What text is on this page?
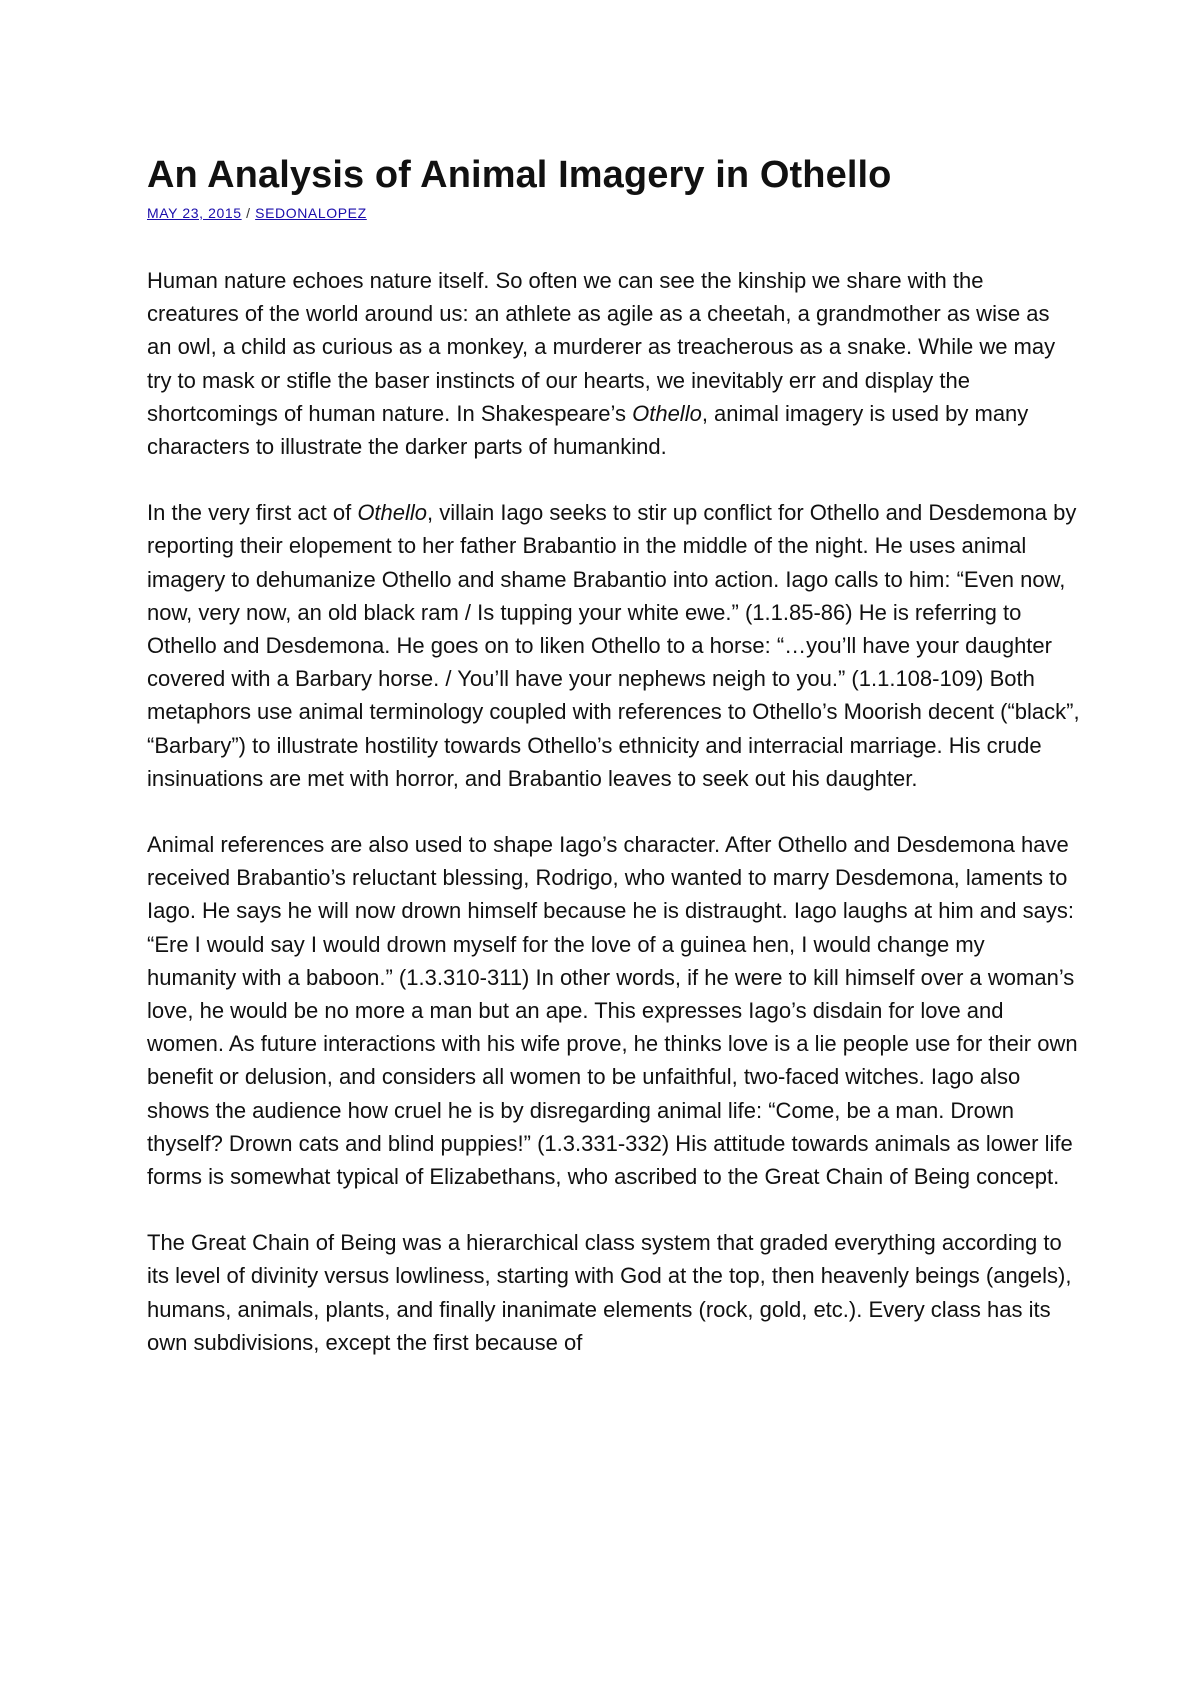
An Analysis of Animal Imagery in Othello
MAY 23, 2015 / SEDONALOPEZ

Human nature echoes nature itself. So often we can see the kinship we share with the creatures of the world around us: an athlete as agile as a cheetah, a grandmother as wise as an owl, a child as curious as a monkey, a murderer as treacherous as a snake. While we may try to mask or stifle the baser instincts of our hearts, we inevitably err and display the shortcomings of human nature. In Shakespeare’s Othello, animal imagery is used by many characters to illustrate the darker parts of humankind.

In the very first act of Othello, villain Iago seeks to stir up conflict for Othello and Desdemona by reporting their elopement to her father Brabantio in the middle of the night. He uses animal imagery to dehumanize Othello and shame Brabantio into action. Iago calls to him: “Even now, now, very now, an old black ram / Is tupping your white ewe.” (1.1.85-86) He is referring to Othello and Desdemona. He goes on to liken Othello to a horse: “…you’ll have your daughter covered with a Barbary horse. / You’ll have your nephews neigh to you.” (1.1.108-109) Both metaphors use animal terminology coupled with references to Othello’s Moorish decent (“black”, “Barbary”) to illustrate hostility towards Othello’s ethnicity and interracial marriage. His crude insinuations are met with horror, and Brabantio leaves to seek out his daughter.

Animal references are also used to shape Iago’s character. After Othello and Desdemona have received Brabantio’s reluctant blessing, Rodrigo, who wanted to marry Desdemona, laments to Iago. He says he will now drown himself because he is distraught. Iago laughs at him and says: “Ere I would say I would drown myself for the love of a guinea hen, I would change my humanity with a baboon.” (1.3.310-311) In other words, if he were to kill himself over a woman’s love, he would be no more a man but an ape. This expresses Iago’s disdain for love and women. As future interactions with his wife prove, he thinks love is a lie people use for their own benefit or delusion, and considers all women to be unfaithful, two-faced witches. Iago also shows the audience how cruel he is by disregarding animal life: “Come, be a man. Drown thyself? Drown cats and blind puppies!” (1.3.331-332) His attitude towards animals as lower life forms is somewhat typical of Elizabethans, who ascribed to the Great Chain of Being concept.

The Great Chain of Being was a hierarchical class system that graded everything according to its level of divinity versus lowliness, starting with God at the top, then heavenly beings (angels), humans, animals, plants, and finally inanimate elements (rock, gold, etc.). Every class has its own subdivisions, except the first because of
